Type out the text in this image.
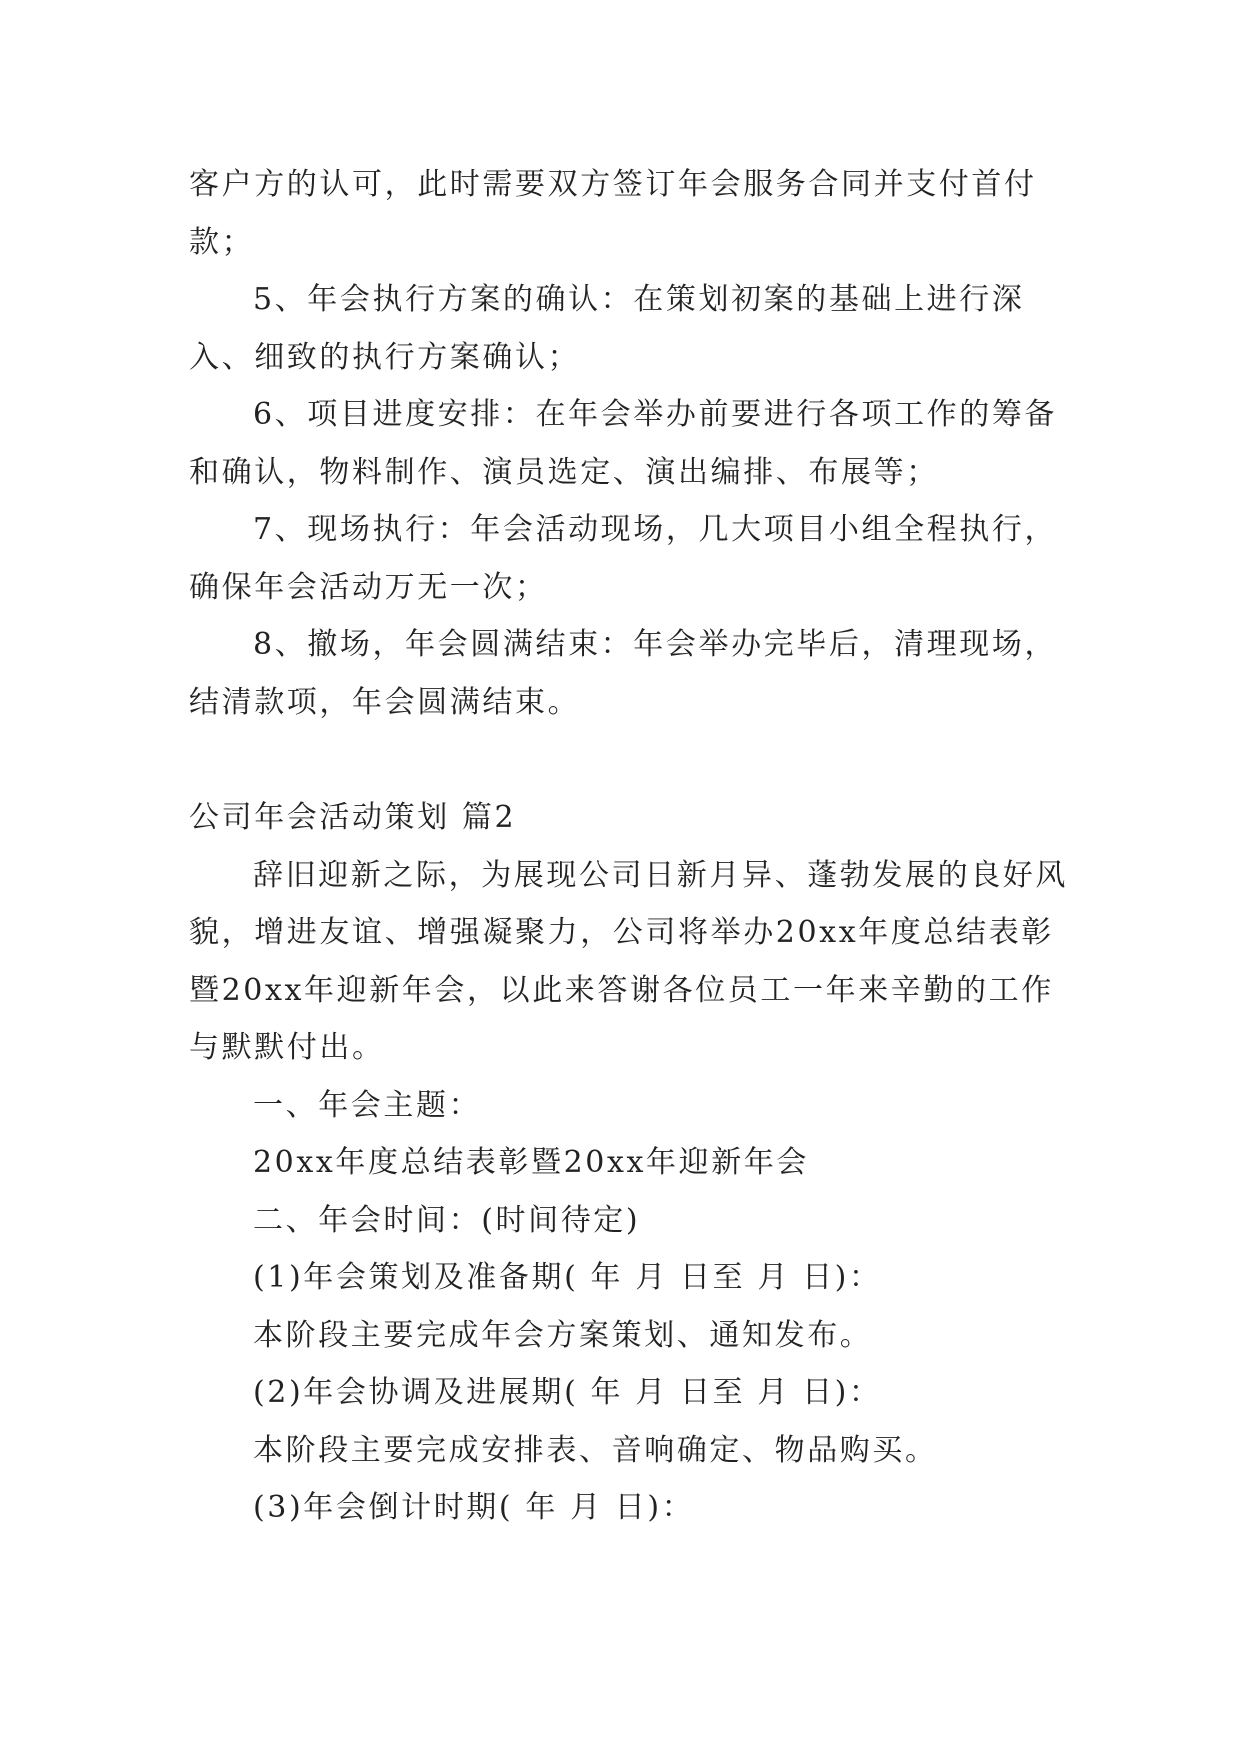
客户方的认可，此时需要双方签订年会服务合同并支付首付款；

5、年会执行方案的确认：在策划初案的基础上进行深入、细致的执行方案确认；

6、项目进度安排：在年会举办前要进行各项工作的筹备和确认，物料制作、演员选定、演出编排、布展等；

7、现场执行：年会活动现场，几大项目小组全程执行，确保年会活动万无一次；

8、撤场，年会圆满结束：年会举办完毕后，清理现场，结清款项，年会圆满结束。

公司年会活动策划 篇2

辞旧迎新之际，为展现公司日新月异、蓬勃发展的良好风貌，增进友谊、增强凝聚力，公司将举办20xx年度总结表彰暨20xx年迎新年会，以此来答谢各位员工一年来辛勤的工作与默默付出。

一、年会主题：

20xx年度总结表彰暨20xx年迎新年会

二、年会时间：(时间待定)

(1)年会策划及准备期( 年 月 日至 月 日)：

本阶段主要完成年会方案策划、通知发布。

(2)年会协调及进展期( 年 月 日至 月 日)：

本阶段主要完成安排表、音响确定、物品购买。

(3)年会倒计时期( 年 月 日)：
